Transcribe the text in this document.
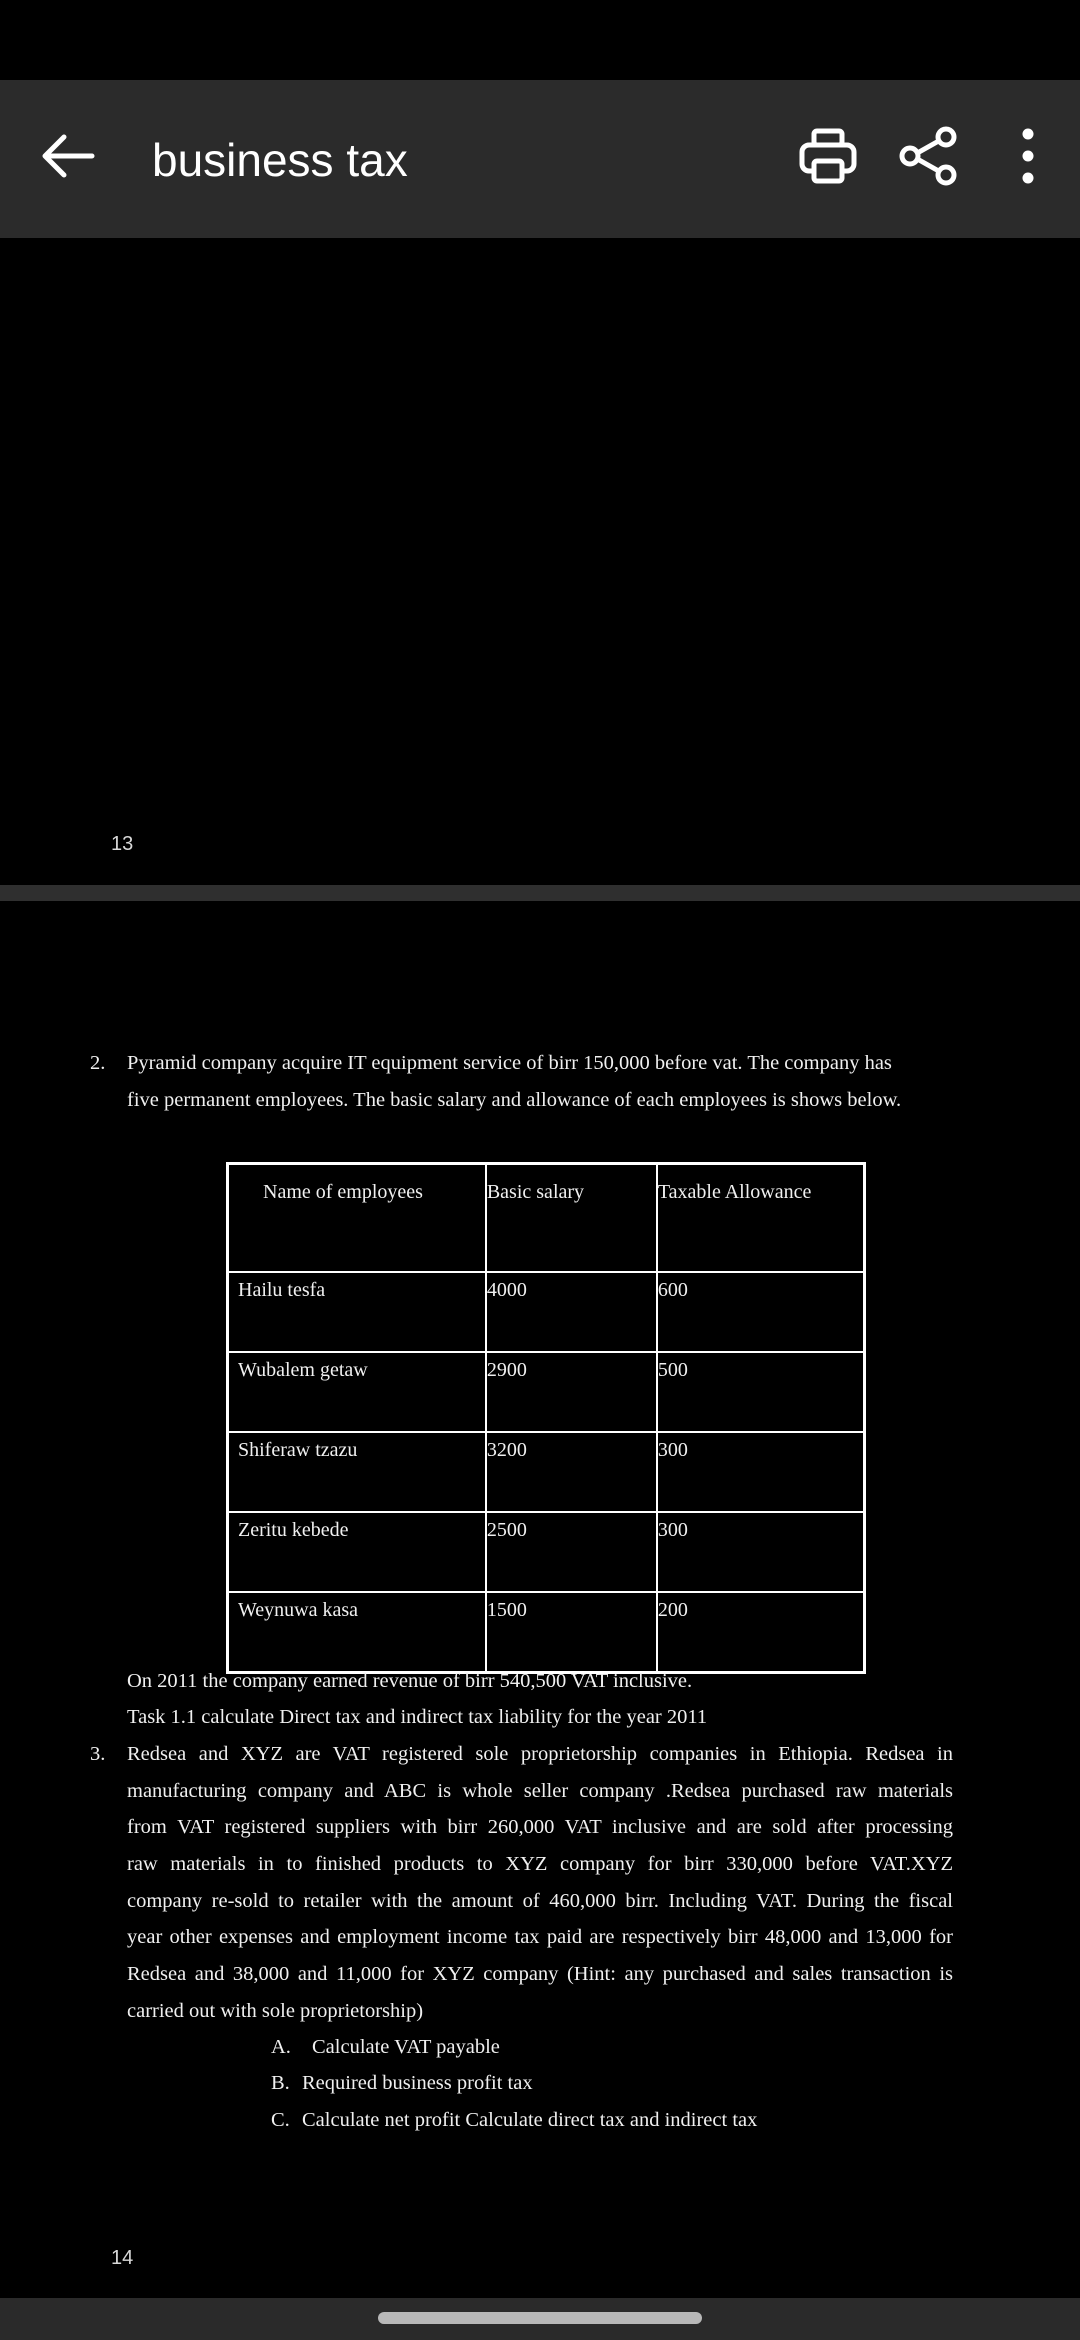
business tax
13
2. Pyramid company acquire IT equipment service of birr 150,000 before vat. The company has
five permanent employees. The basic salary and allowance of each employees is shows below.
Name of employees	Basic salary	Taxable Allowance
Hailu tesfa	4000	600
Wubalem getaw	2900	500
Shiferaw tzazu	3200	300
Zeritu kebede	2500	300
Weynuwa kasa	1500	200
On 2011 the company earned revenue of birr 540,500 VAT inclusive.
Task 1.1 calculate Direct tax and indirect tax liability for the year 2011
3. Redsea and XYZ are VAT registered sole proprietorship companies in Ethiopia. Redsea in
manufacturing company and ABC is whole seller company .Redsea purchased raw materials
from VAT registered suppliers with birr 260,000 VAT inclusive and are sold after processing
raw materials in to finished products to XYZ company for birr 330,000 before VAT.XYZ
company re-sold to retailer with the amount of 460,000 birr. Including VAT. During the fiscal
year other expenses and employment income tax paid are respectively birr 48,000 and 13,000 for
Redsea and 38,000 and 11,000 for XYZ company (Hint: any purchased and sales transaction is
carried out with sole proprietorship)
A. Calculate VAT payable
B. Required business profit tax
C. Calculate net profit Calculate direct tax and indirect tax
14
